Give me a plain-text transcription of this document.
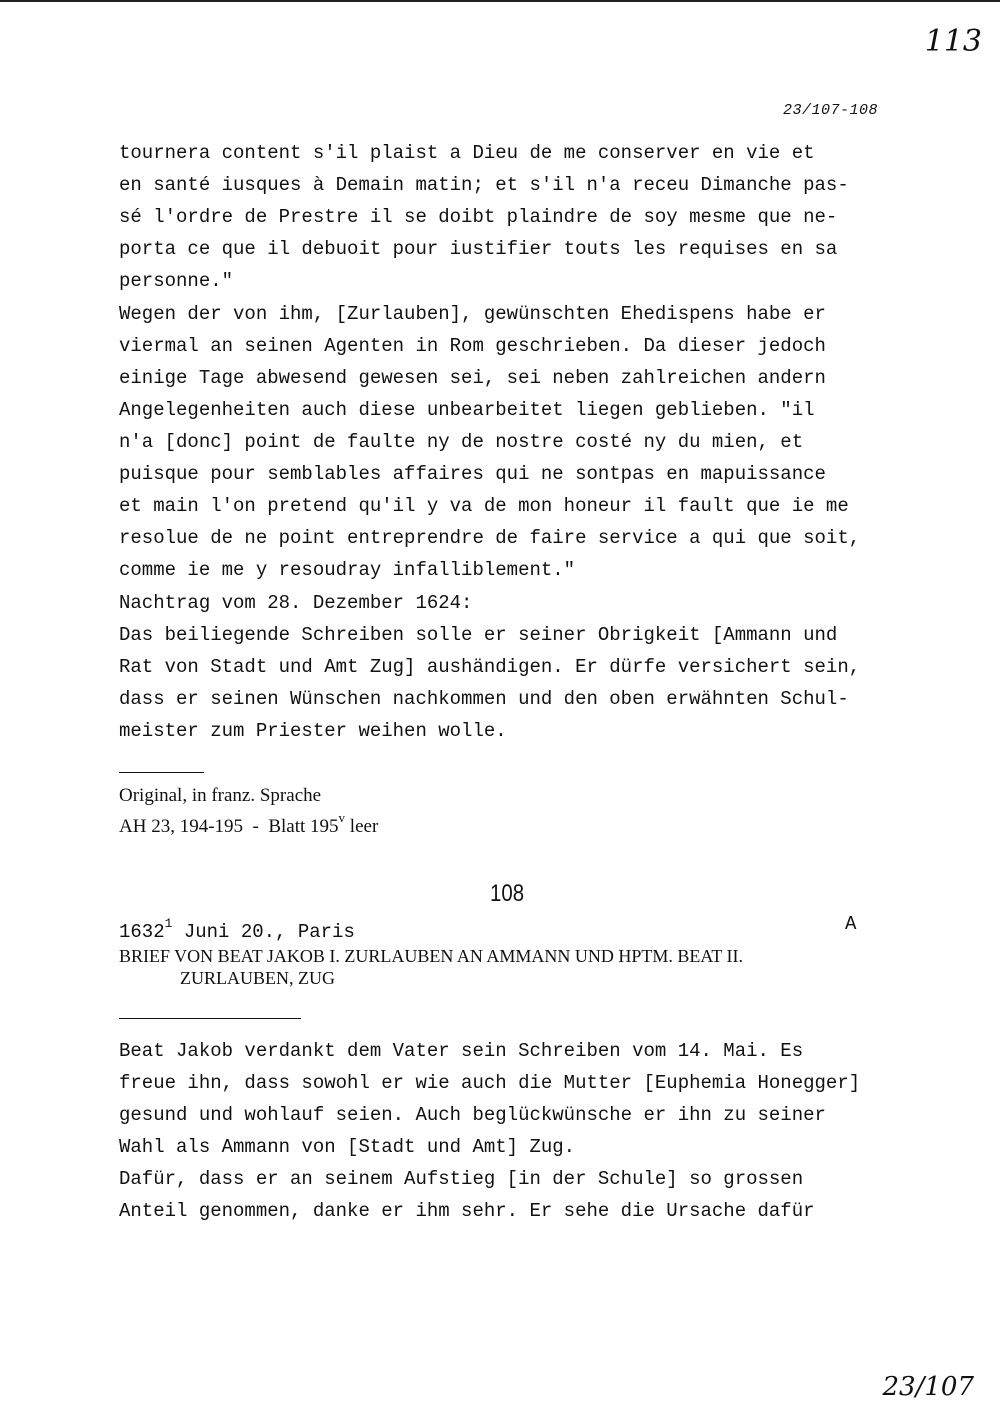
113
23/107-108
tournera content s'il plaist a Dieu de me conserver en vie et
en santé iusques à Demain matin; et s'il n'a receu Dimanche pas-
sé l'ordre de Prestre il se doibt plaindre de soy mesme que ne-
porta ce que il debuoit pour iustifier touts les requises en sa
personne."
Wegen der von ihm, [Zurlauben], gewünschten Ehedispens habe er
viermal an seinen Agenten in Rom geschrieben. Da dieser jedoch
einige Tage abwesend gewesen sei, sei neben zahlreichen andern
Angelegenheiten auch diese unbearbeitet liegen geblieben. "il
n'a [donc] point de faulte ny de nostre costé ny du mien, et
puisque pour semblables affaires qui ne sontpas en mapuissance
et main l'on pretend qu'il y va de mon honeur il fault que ie me
resolue de ne point entreprendre de faire service a qui que soit,
comme ie me y resoudray infalliblement."
Nachtrag vom 28. Dezember 1624:
Das beiliegende Schreiben solle er seiner Obrigkeit [Ammann und
Rat von Stadt und Amt Zug] aushändigen. Er dürfe versichert sein,
dass er seinen Wünschen nachkommen und den oben erwähnten Schul-
meister zum Priester weihen wolle.
Original, in franz. Sprache
AH 23, 194-195  -  Blatt 195$^v$ leer
108
1632$^1$ Juni 20., Paris	A
BRIEF VON BEAT JAKOB I. ZURLAUBEN AN AMMANN UND HPTM. BEAT II.
ZURLAUBEN, ZUG
Beat Jakob verdankt dem Vater sein Schreiben vom 14. Mai. Es
freue ihn, dass sowohl er wie auch die Mutter [Euphemia Honegger]
gesund und wohlauf seien. Auch beglückwünsche er ihn zu seiner
Wahl als Ammann von [Stadt und Amt] Zug.
Dafür, dass er an seinem Aufstieg [in der Schule] so grossen
Anteil genommen, danke er ihm sehr. Er sehe die Ursache dafür
23/107
